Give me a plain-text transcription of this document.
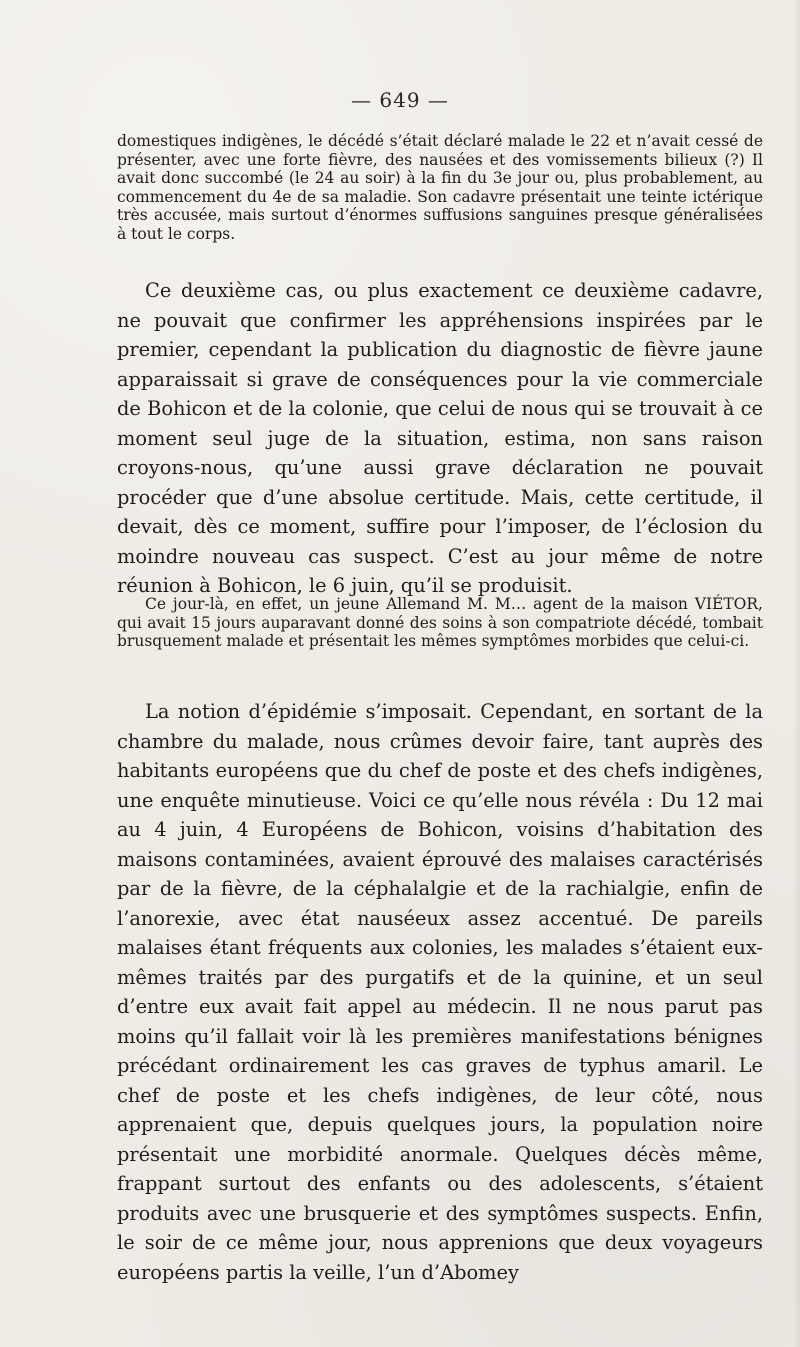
— 649 —

domestiques indigènes, le décédé s’était déclaré malade le 22 et n’avait cessé de présenter, avec une forte fièvre, des nausées et des vomissements bilieux (?) Il avait donc succombé (le 24 au soir) à la fin du 3e jour ou, plus probablement, au commencement du 4e de sa maladie. Son cadavre présentait une teinte ictérique très accusée, mais surtout d’énormes suffusions sanguines presque généralisées à tout le corps.

Ce deuxième cas, ou plus exactement ce deuxième cadavre, ne pouvait que confirmer les appréhensions inspirées par le premier, cependant la publication du diagnostic de fièvre jaune apparaissait si grave de conséquences pour la vie commerciale de Bohicon et de la colonie, que celui de nous qui se trouvait à ce moment seul juge de la situation, estima, non sans raison croyons-nous, qu’une aussi grave déclaration ne pouvait procéder que d’une absolue certitude. Mais, cette certitude, il devait, dès ce moment, suffire pour l’imposer, de l’éclosion du moindre nouveau cas suspect. C’est au jour même de notre réunion à Bohicon, le 6 juin, qu’il se produisit.

Ce jour-là, en effet, un jeune Allemand M. M… agent de la maison VIÉTOR, qui avait 15 jours auparavant donné des soins à son compatriote décédé, tombait brusquement malade et présentait les mêmes symptômes morbides que celui-ci.

La notion d’épidémie s’imposait. Cependant, en sortant de la chambre du malade, nous crûmes devoir faire, tant auprès des habitants européens que du chef de poste et des chefs indigènes, une enquête minutieuse. Voici ce qu’elle nous révéla : Du 12 mai au 4 juin, 4 Européens de Bohicon, voisins d’habitation des maisons contaminées, avaient éprouvé des malaises caractérisés par de la fièvre, de la céphalalgie et de la rachialgie, enfin de l’anorexie, avec état nauséeux assez accentué. De pareils malaises étant fréquents aux colonies, les malades s’étaient eux-mêmes traités par des purgatifs et de la quinine, et un seul d’entre eux avait fait appel au médecin. Il ne nous parut pas moins qu’il fallait voir là les premières manifestations bénignes précédant ordinairement les cas graves de typhus amaril. Le chef de poste et les chefs indigènes, de leur côté, nous apprenaient que, depuis quelques jours, la population noire présentait une morbidité anormale. Quelques décès même, frappant surtout des enfants ou des adolescents, s’étaient produits avec une brusquerie et des symptômes suspects. Enfin, le soir de ce même jour, nous apprenions que deux voyageurs européens partis la veille, l’un d’Abomey
